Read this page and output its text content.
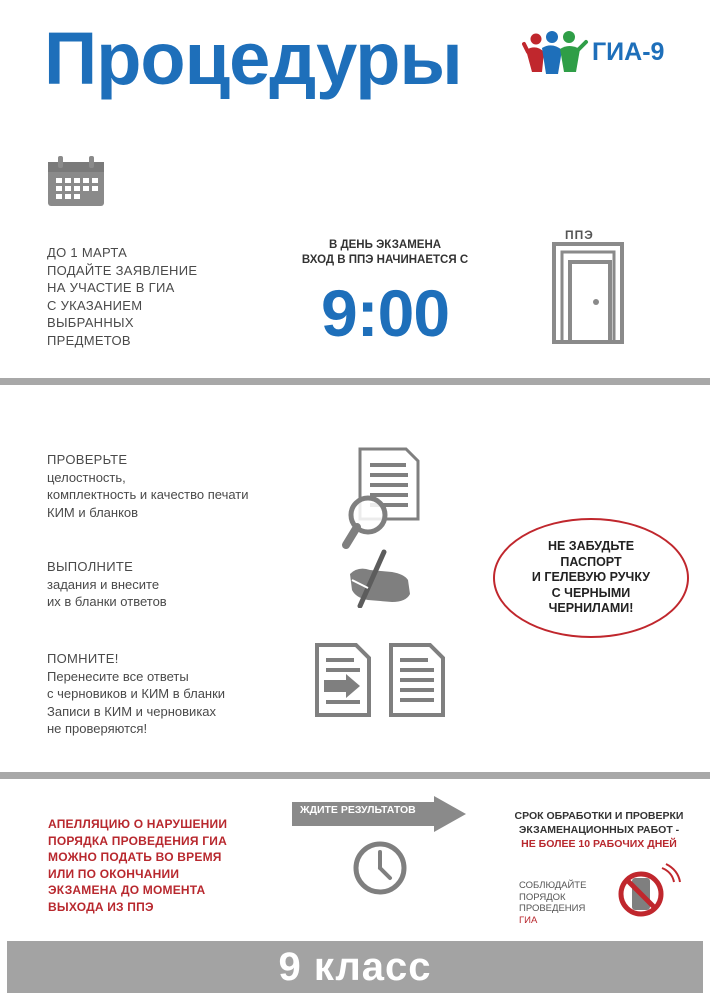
Процедуры	ГИА-9
ДО 1 МАРТА
ПОДАЙТЕ ЗАЯВЛЕНИЕ
НА УЧАСТИЕ В ГИА
С УКАЗАНИЕМ
ВЫБРАННЫХ
ПРЕДМЕТОВ
В ДЕНЬ ЭКЗАМЕНА
ВХОД В ППЭ НАЧИНАЕТСЯ С
9:00
ППЭ
ПРОВЕРЬТЕ
целостность,
комплектность и качество печати
КИМ и бланков
ВЫПОЛНИТЕ
задания и внесите
их в бланки ответов
ПОМНИТЕ!
Перенесите все ответы
с черновиков и КИМ в бланки
Записи в КИМ и черновиках
не проверяются!
НЕ ЗАБУДЬТЕ
ПАСПОРТ
И ГЕЛЕВУЮ РУЧКУ
С ЧЕРНЫМИ
ЧЕРНИЛАМИ!
АПЕЛЛЯЦИЮ О НАРУШЕНИИ
ПОРЯДКА ПРОВЕДЕНИЯ ГИА
МОЖНО ПОДАТЬ ВО ВРЕМЯ
ИЛИ ПО ОКОНЧАНИИ
ЭКЗАМЕНА ДО МОМЕНТА
ВЫХОДА ИЗ ППЭ
ЖДИТЕ РЕЗУЛЬТАТОВ	СРОК ОБРАБОТКИ И ПРОВЕРКИ
ЭКЗАМЕНАЦИОННЫХ РАБОТ -
НЕ БОЛЕЕ 10 РАБОЧИХ ДНЕЙ
СОБЛЮДАЙТЕ
ПОРЯДОК
ПРОВЕДЕНИЯ
ГИА
9 класс
